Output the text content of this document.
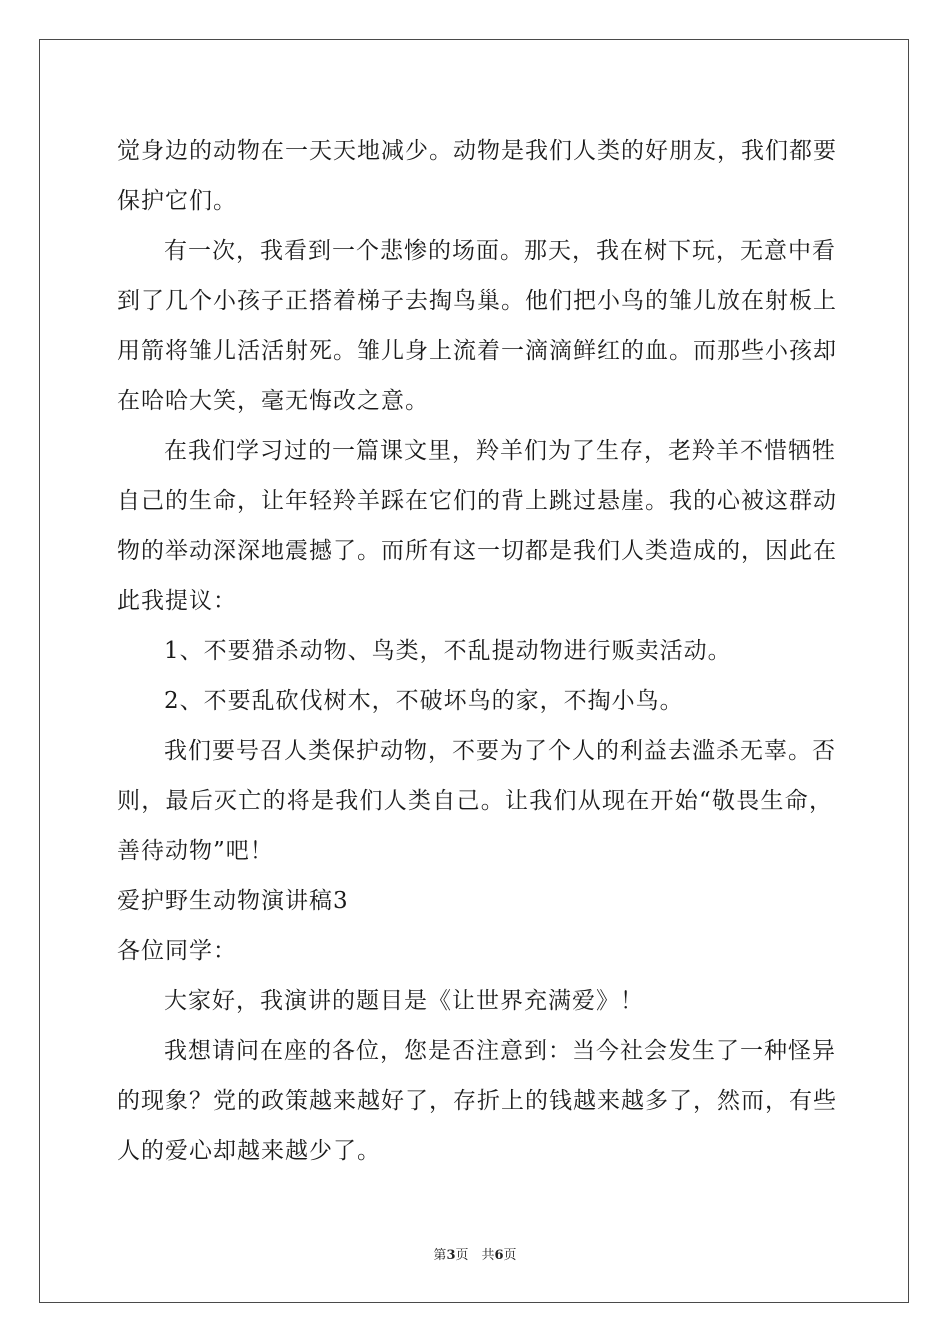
觉身边的动物在一天天地减少。动物是我们人类的好朋友，我们都要
保护它们。
有一次，我看到一个悲惨的场面。那天，我在树下玩，无意中看
到了几个小孩子正搭着梯子去掏鸟巢。他们把小鸟的雏儿放在射板上
用箭将雏儿活活射死。雏儿身上流着一滴滴鲜红的血。而那些小孩却
在哈哈大笑，毫无悔改之意。
在我们学习过的一篇课文里，羚羊们为了生存，老羚羊不惜牺牲
自己的生命，让年轻羚羊踩在它们的背上跳过悬崖。我的心被这群动
物的举动深深地震撼了。而所有这一切都是我们人类造成的，因此在
此我提议：
1、不要猎杀动物、鸟类，不乱提动物进行贩卖活动。
2、不要乱砍伐树木，不破坏鸟的家，不掏小鸟。
我们要号召人类保护动物，不要为了个人的利益去滥杀无辜。否
则，最后灭亡的将是我们人类自己。让我们从现在开始“敬畏生命，
善待动物”吧！
爱护野生动物演讲稿3
各位同学：
大家好，我演讲的题目是《让世界充满爱》！
我想请问在座的各位，您是否注意到：当今社会发生了一种怪异
的现象？党的政策越来越好了，存折上的钱越来越多了，然而，有些
人的爱心却越来越少了。
第3页　共6页
